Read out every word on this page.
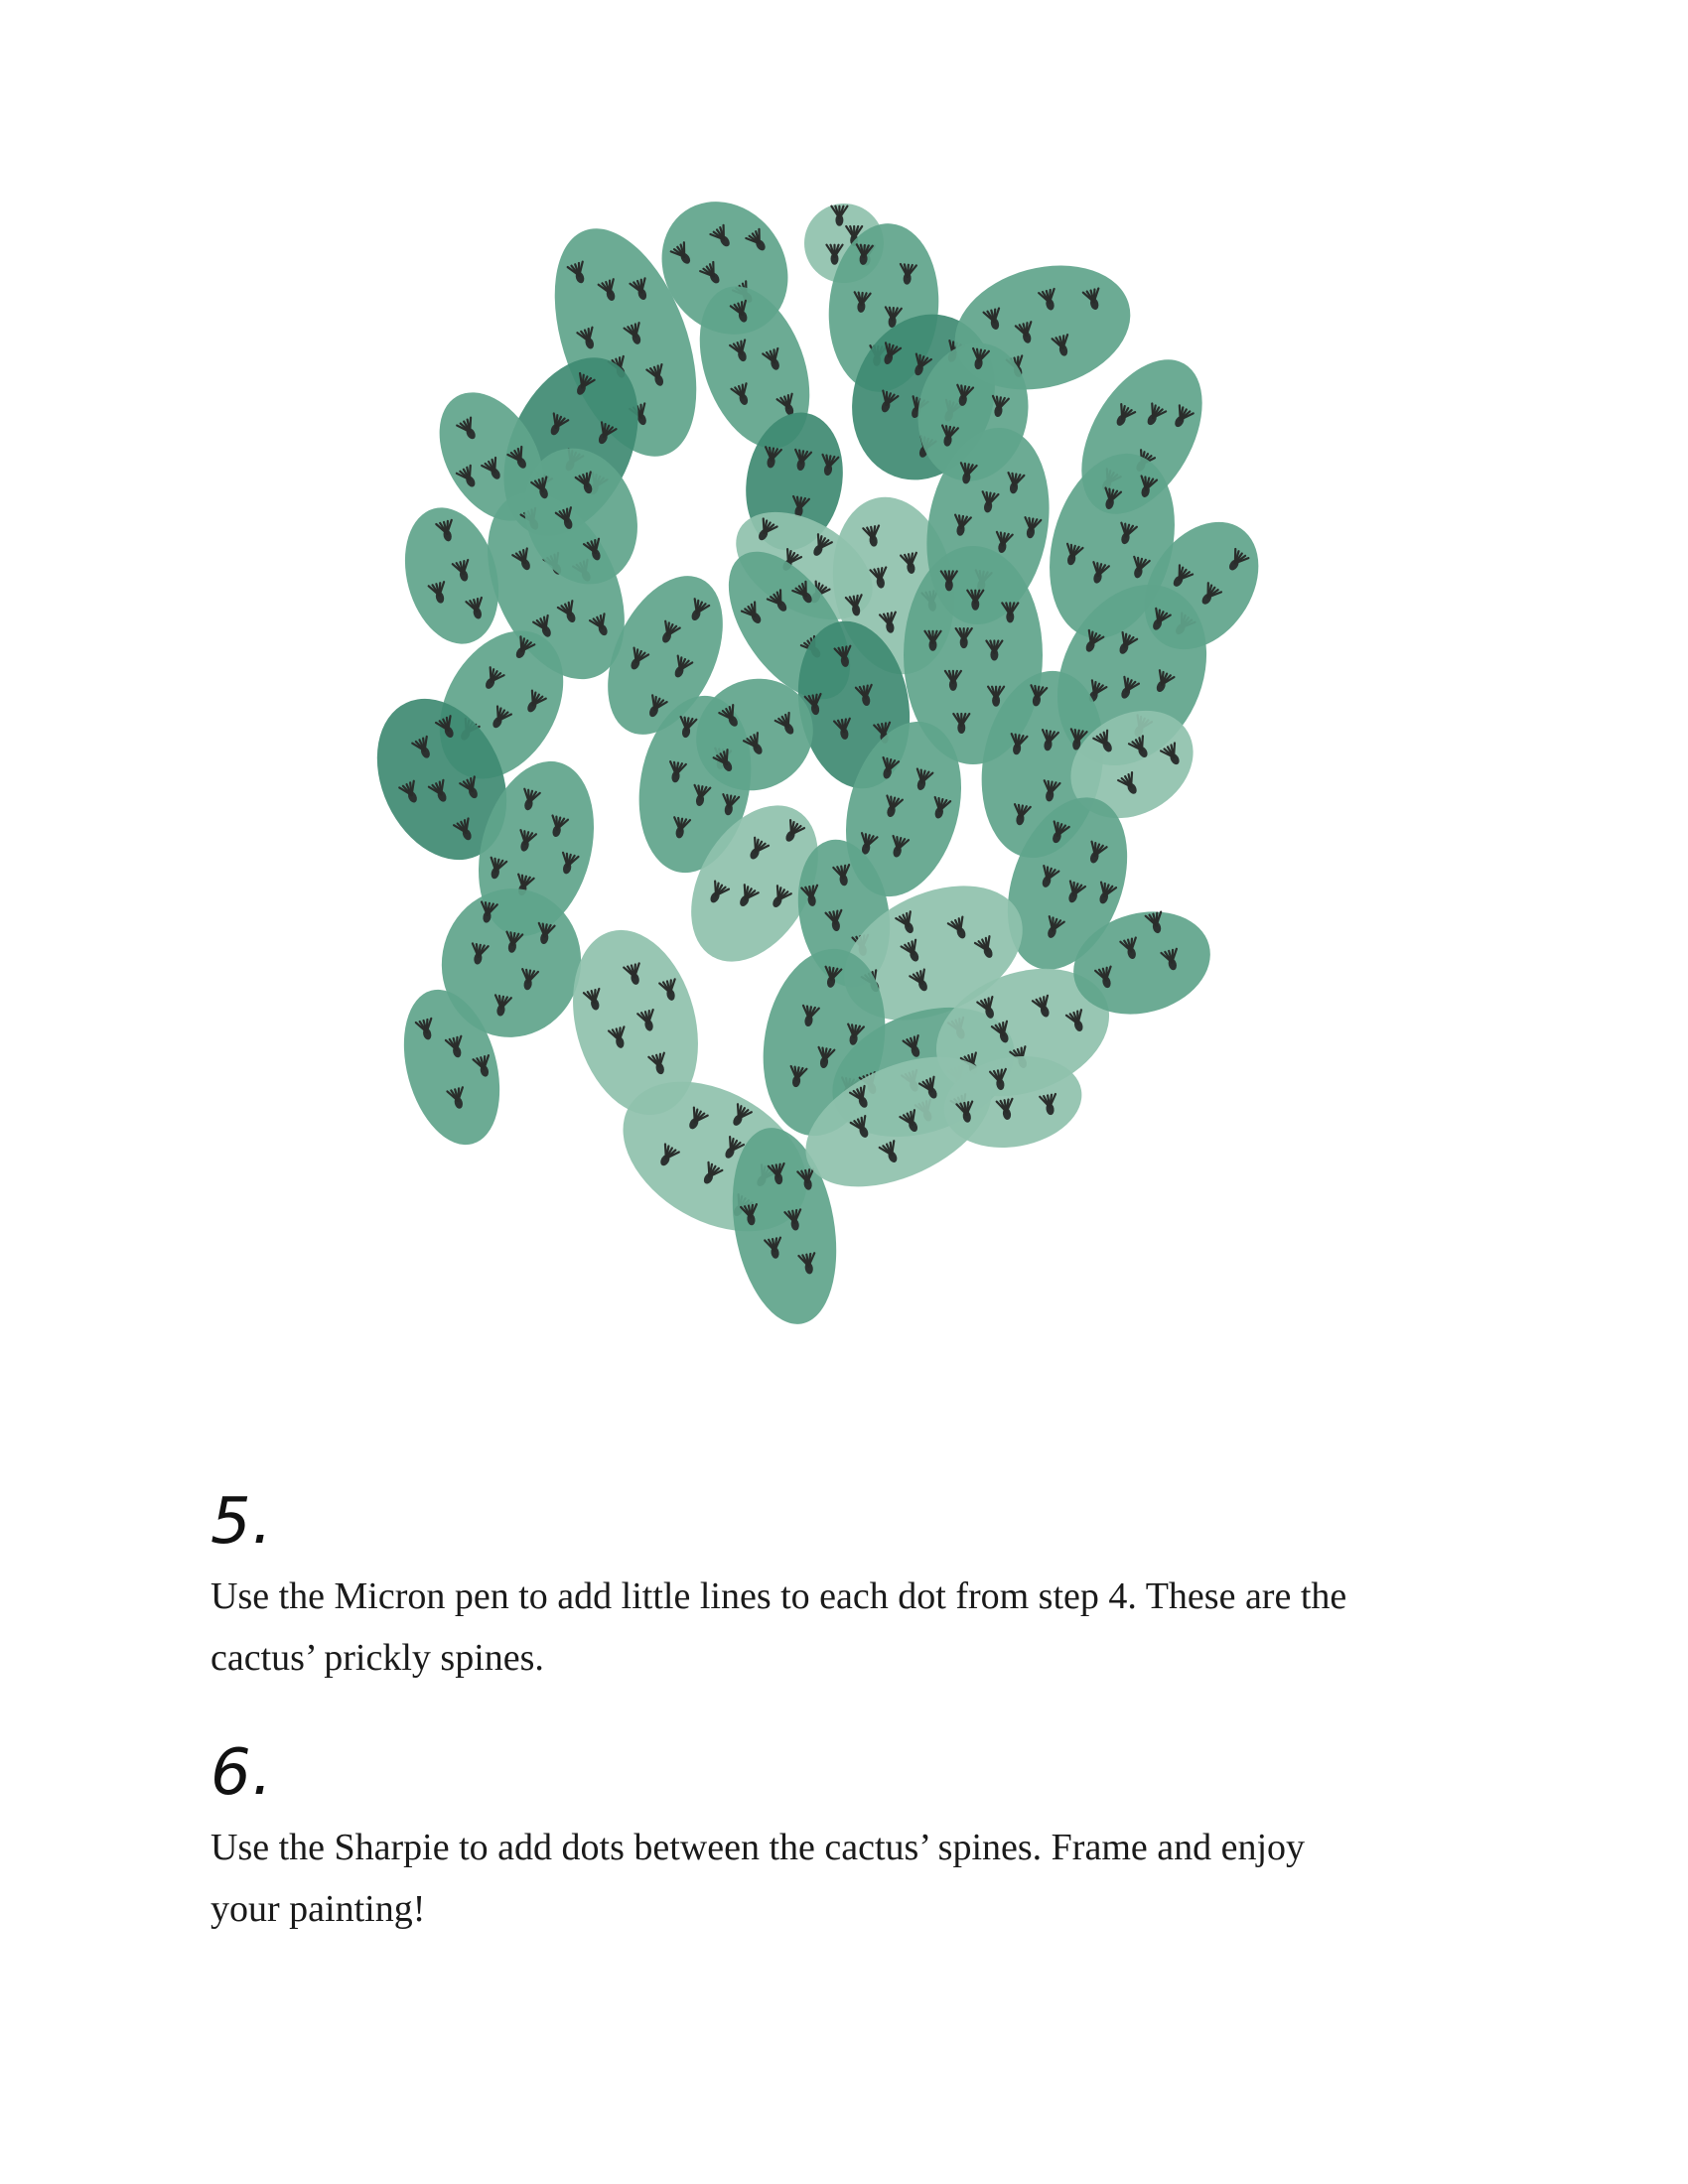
5.

Use the Micron pen to add little lines to each dot from step 4. These are the
cactus’ prickly spines.

6.

Use the Sharpie to add dots between the cactus’ spines. Frame and enjoy
your painting!
